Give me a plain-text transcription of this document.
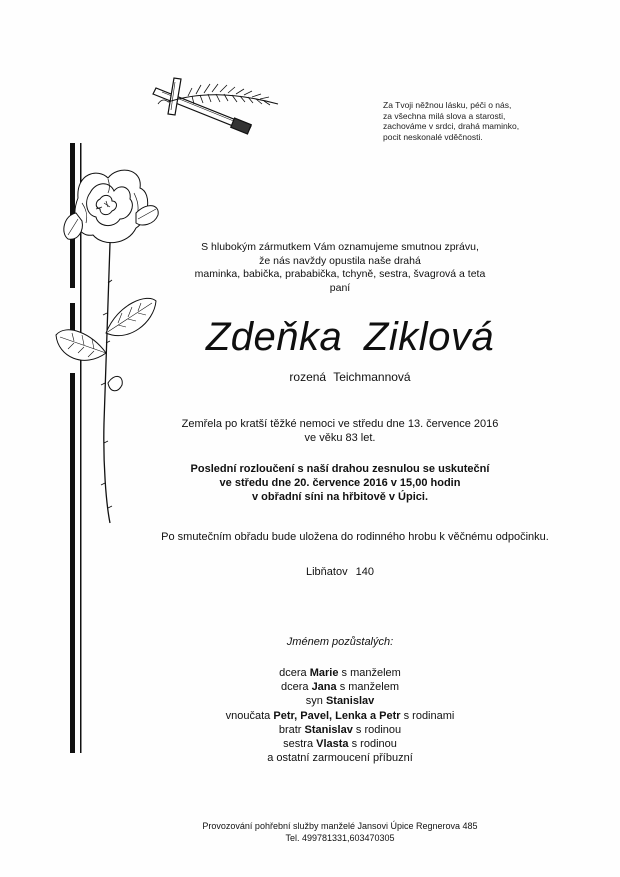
Za Tvoji něžnou lásku, péči o nás,
za všechna milá slova a starosti,
zachováme v srdci, drahá maminko,
pocit neskonalé vděčnosti.
S hlubokým zármutkem Vám oznamujeme smutnou zprávu,
že nás navždy opustila naše drahá
maminka, babička, prababička, tchyně, sestra, švagrová a teta
paní
Zdeňka Ziklová
rozená Teichmannová
Zemřela po kratší těžké nemoci ve středu dne 13. července 2016
ve věku 83 let.
Poslední rozloučení s naší drahou zesnulou se uskuteční
ve středu dne 20. července 2016 v 15,00 hodin
v obřadní síni na hřbitově v Úpici.
Po smutečním obřadu bude uložena do rodinného hrobu k věčnému odpočinku.
Libňatov 140
Jménem pozůstalých:
dcera Marie s manželem
dcera Jana s manželem
syn Stanislav
vnoučata Petr, Pavel, Lenka a Petr s rodinami
bratr Stanislav s rodinou
sestra Vlasta s rodinou
a ostatní zarmoucení příbuzní
Provozování pohřební služby manželé Jansovi Úpice Regnerova 485
Tel. 499781331,603470305
